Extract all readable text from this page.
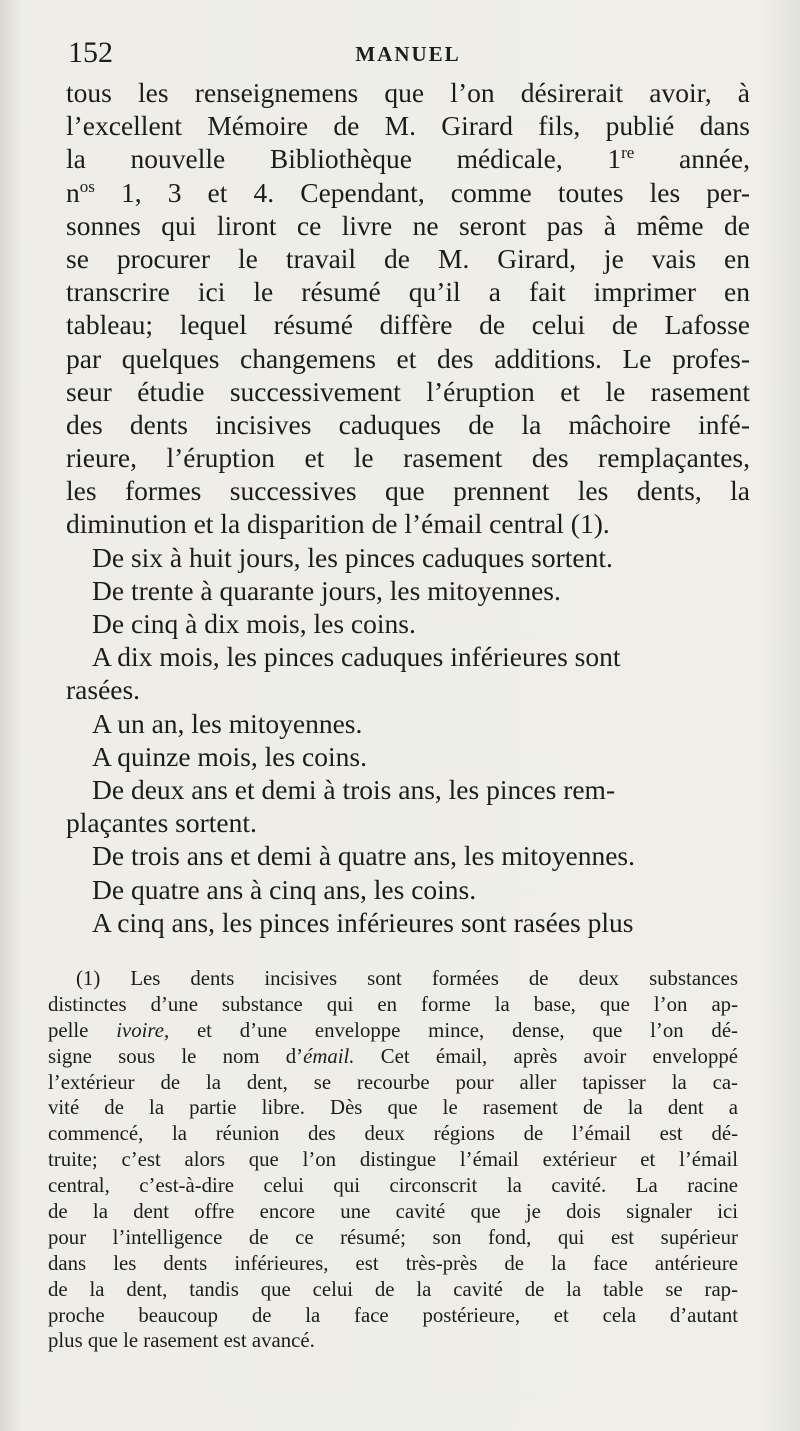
152	MANUEL
tous les renseignemens que l’on désirerait avoir, à
l’excellent Mémoire de M. Girard fils, publié dans
la nouvelle Bibliothèque médicale, 1re année,
$n^{os}$ 1, 3 et 4. Cependant, comme toutes les per-
sonnes qui liront ce livre ne seront pas à même de
se procurer le travail de M. Girard, je vais en
transcrire ici le résumé qu’il a fait imprimer en
tableau; lequel résumé diffère de celui de Lafosse
par quelques changemens et des additions. Le profes-
seur étudie successivement l’éruption et le rasement
des dents incisives caduques de la mâchoire infé-
rieure, l’éruption et le rasement des remplaçantes,
les formes successives que prennent les dents, la
diminution et la disparition de l’émail central (1).
De six à huit jours, les pinces caduques sortent.
De trente à quarante jours, les mitoyennes.
De cinq à dix mois, les coins.
A dix mois, les pinces caduques inférieures sont
rasées.
A un an, les mitoyennes.
A quinze mois, les coins.
De deux ans et demi à trois ans, les pinces rem-
plaçantes sortent.
De trois ans et demi à quatre ans, les mitoyennes.
De quatre ans à cinq ans, les coins.
A cinq ans, les pinces inférieures sont rasées plus
(1) Les dents incisives sont formées de deux substances
distinctes d’une substance qui en forme la base, que l’on ap-
pelle ivoire, et d’une enveloppe mince, dense, que l’on dé-
signe sous le nom d’émail. Cet émail, après avoir enveloppé
l’extérieur de la dent, se recourbe pour aller tapisser la ca-
vité de la partie libre. Dès que le rasement de la dent a
commencé, la réunion des deux régions de l’émail est dé-
truite; c’est alors que l’on distingue l’émail extérieur et l’émail
central, c’est-à-dire celui qui circonscrit la cavité. La racine
de la dent offre encore une cavité que je dois signaler ici
pour l’intelligence de ce résumé; son fond, qui est supérieur
dans les dents inférieures, est très-près de la face antérieure
de la dent, tandis que celui de la cavité de la table se rap-
proche beaucoup de la face postérieure, et cela d’autant
plus que le rasement est avancé.
